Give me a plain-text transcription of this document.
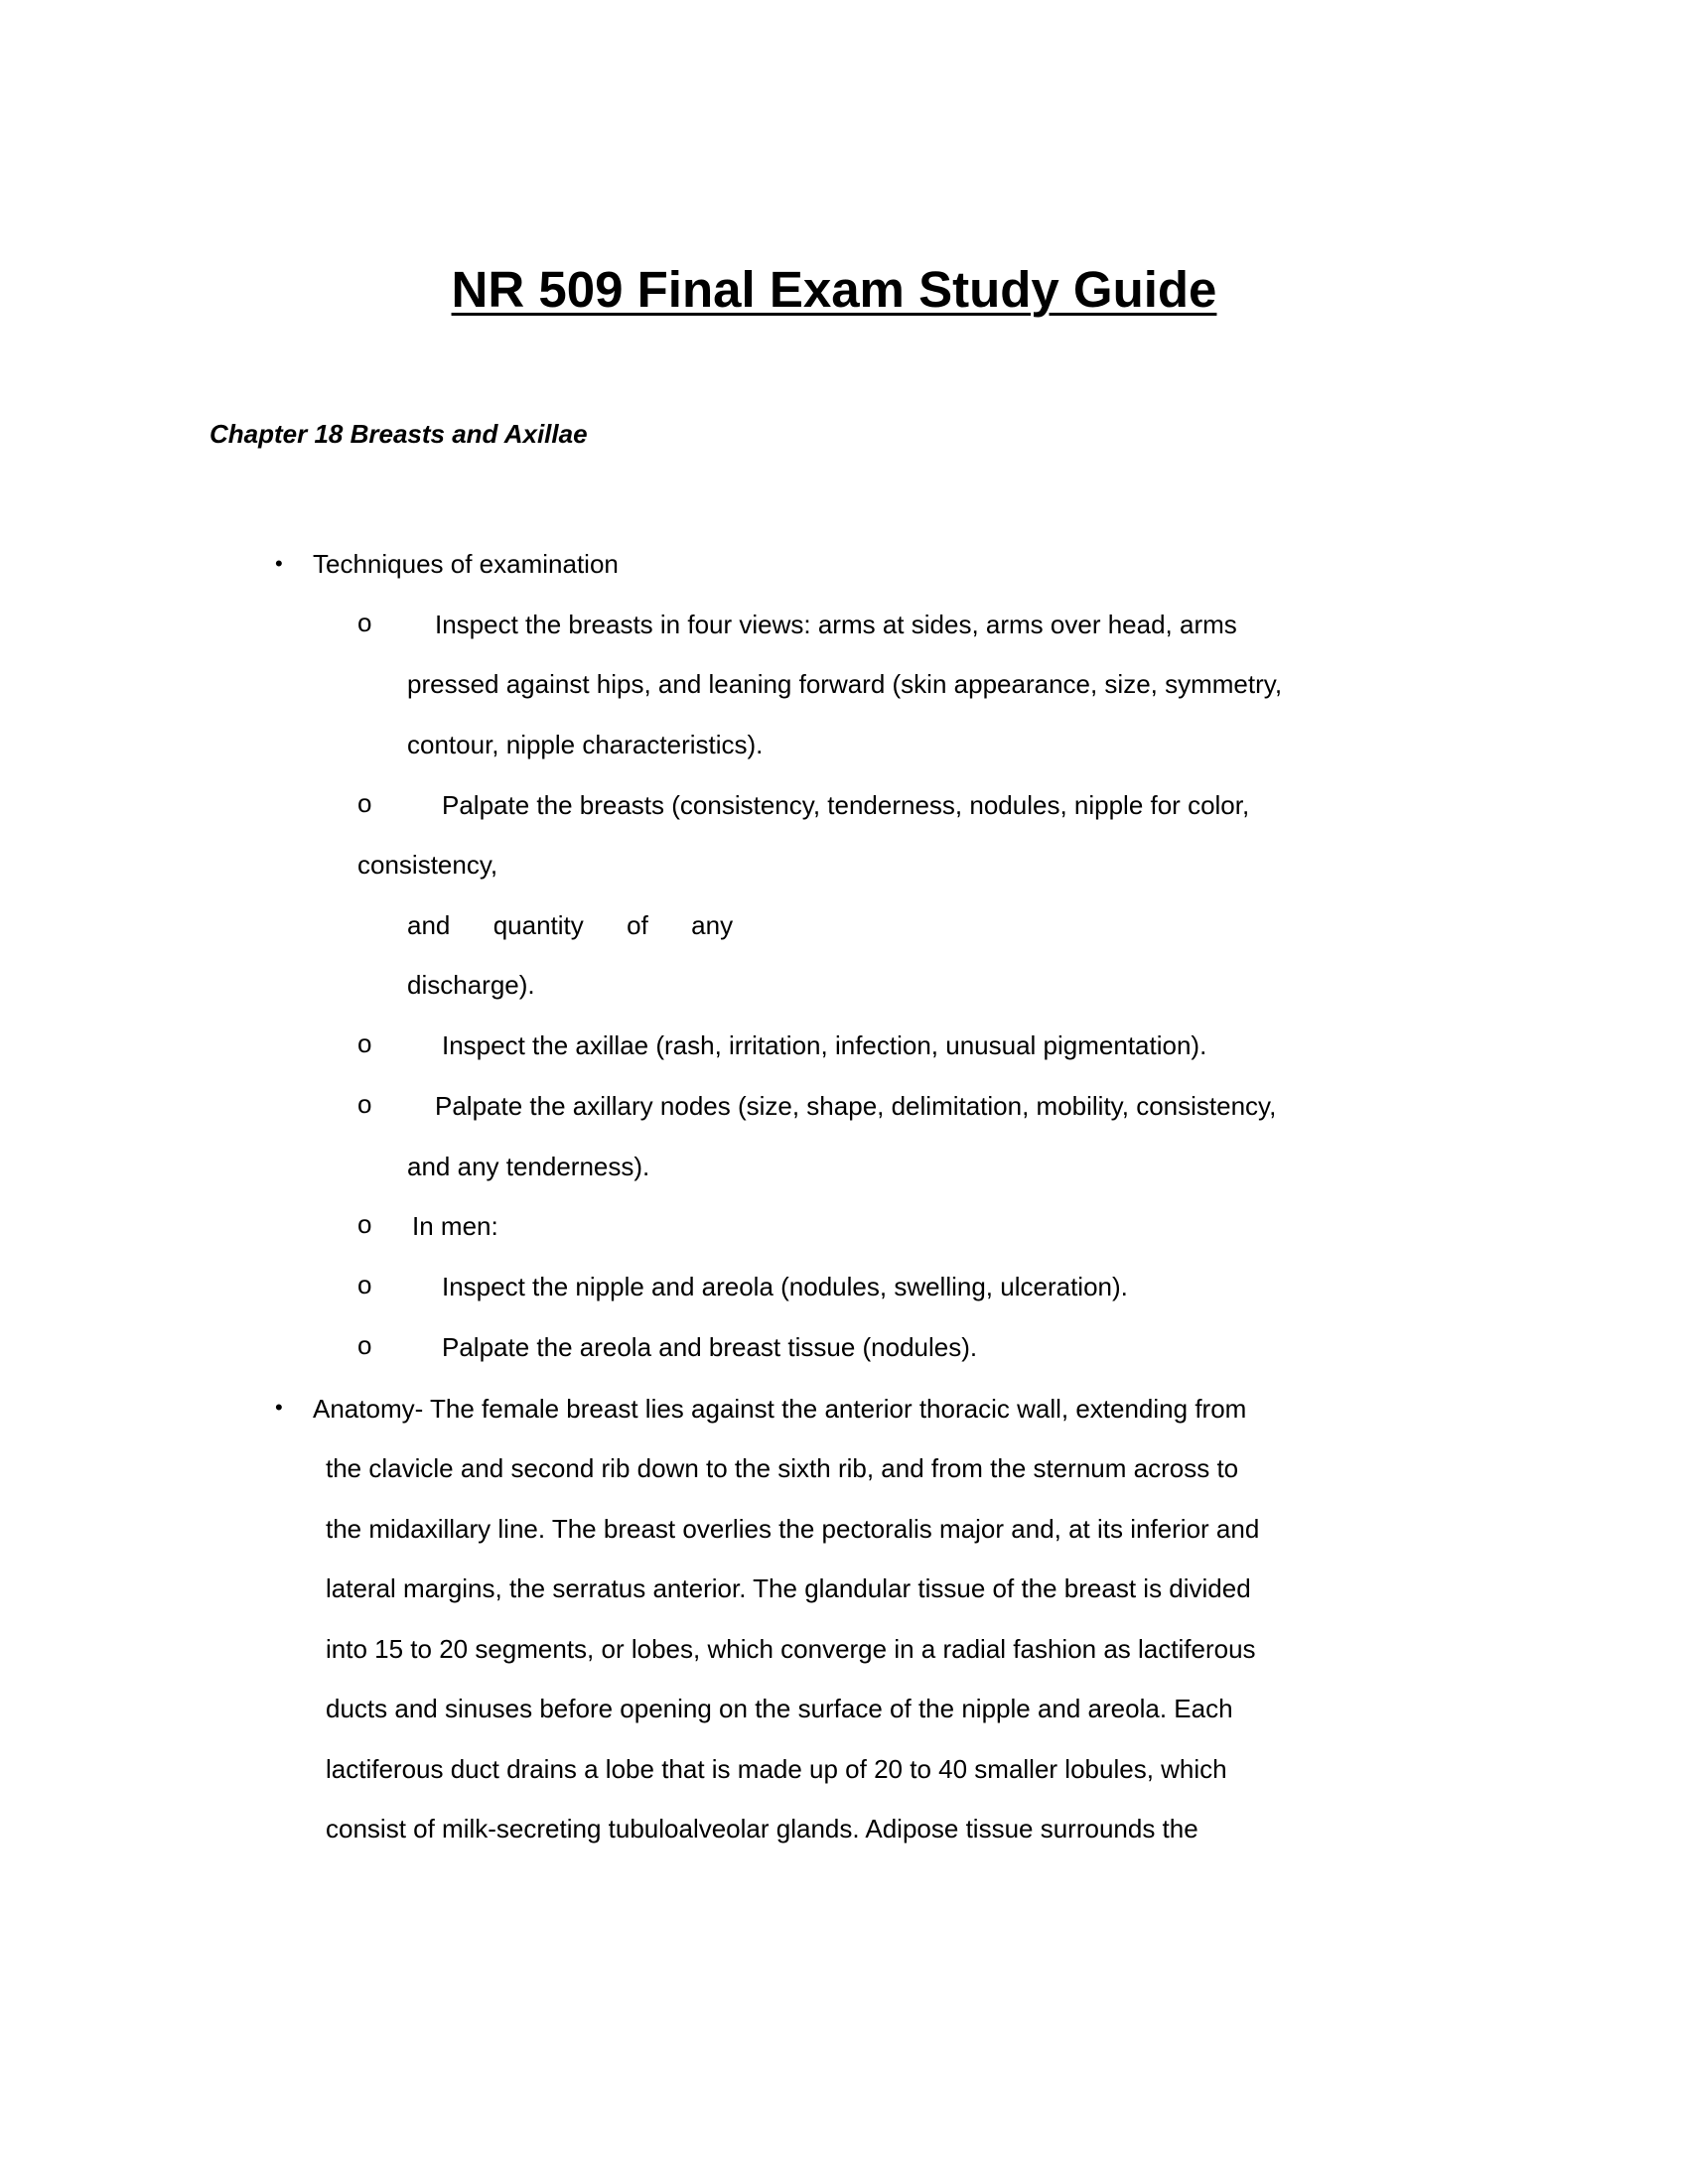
NR 509 Final Exam Study Guide
Chapter 18 Breasts and Axillae
•
•
o
o
o
o
o
o
o
Techniques of examination
Inspect the breasts in four views: arms at sides, arms over head, arms
pressed against hips, and leaning forward (skin appearance, size, symmetry,
contour, nipple characteristics).
Palpate the breasts (consistency, tenderness, nodules, nipple for color,
consistency,
and      quantity      of      any
discharge).
Inspect the axillae (rash, irritation, infection, unusual pigmentation).
Palpate the axillary nodes (size, shape, delimitation, mobility, consistency,
and any tenderness).
In men:
Inspect the nipple and areola (nodules, swelling, ulceration).
Palpate the areola and breast tissue (nodules).
Anatomy- The female breast lies against the anterior thoracic wall, extending from
the clavicle and second rib down to the sixth rib, and from the sternum across to
the midaxillary line. The breast overlies the pectoralis major and, at its inferior and
lateral margins, the serratus anterior. The glandular tissue of the breast is divided
into 15 to 20 segments, or lobes, which converge in a radial fashion as lactiferous
ducts and sinuses before opening on the surface of the nipple and areola. Each
lactiferous duct drains a lobe that is made up of 20 to 40 smaller lobules, which
consist of milk-secreting tubuloalveolar glands. Adipose tissue surrounds the
